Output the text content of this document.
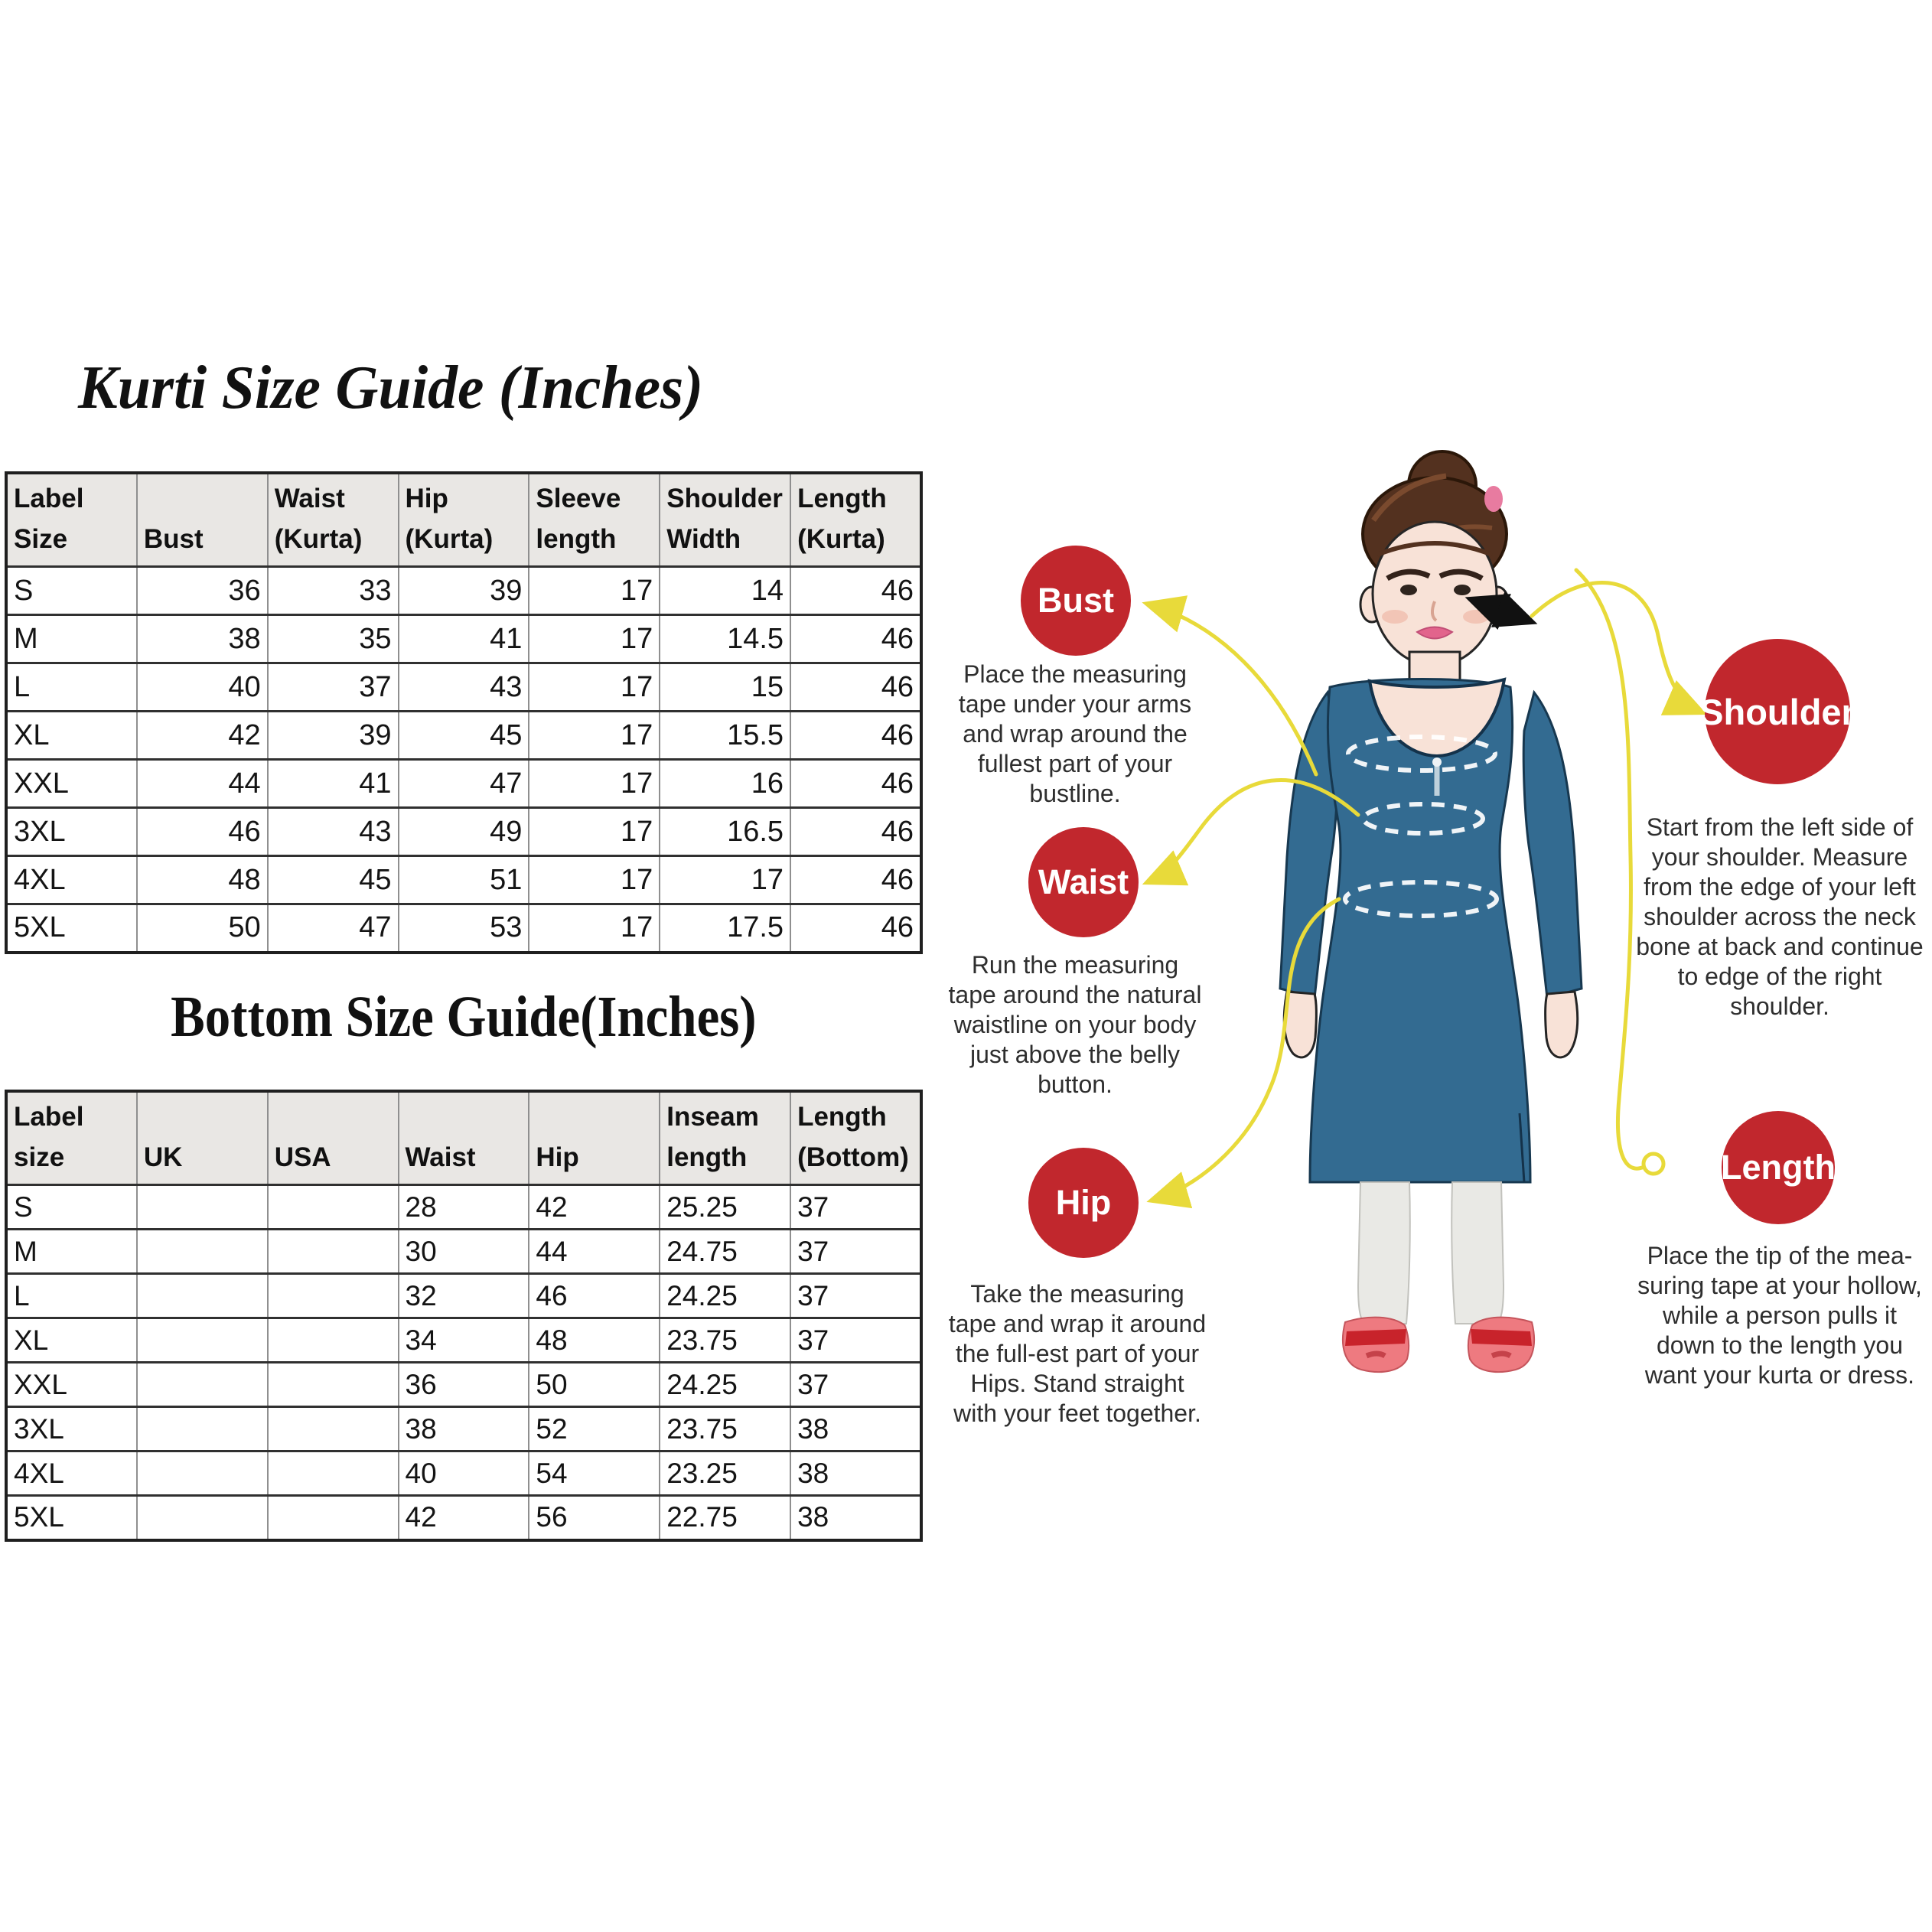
Kurti Size Guide (Inches)
Bottom Size Guide(Inches)
Label Size	Bust	Waist (Kurta)	Hip (Kurta)	Sleeve length	Shoulder Width	Length (Kurta)
S	36	33	39	17	14	46
M	38	35	41	17	14.5	46
L	40	37	43	17	15	46
XL	42	39	45	17	15.5	46
XXL	44	41	47	17	16	46
3XL	46	43	49	17	16.5	46
4XL	48	45	51	17	17	46
5XL	50	47	53	17	17.5	46
Label size	UK	USA	Waist	Hip	Inseam length	Length (Bottom)
S			28	42	25.25	37
M			30	44	24.75	37
L			32	46	24.25	37
XL			34	48	23.75	37
XXL			36	50	24.25	37
3XL			38	52	23.75	38
4XL			40	54	23.25	38
5XL			42	56	22.75	38
Bust
Waist
Hip
Shoulder
Length
Place the measuring tape under your arms and wrap around the fullest part of your bustline.
Run the measuring tape around the natural waistline on your body just above the belly button.
Take the measuring tape and wrap it around the full-est part of your Hips. Stand straight with your feet together.
Start from the left side of your shoulder. Measure from the edge of your left shoulder across the neck bone at back and continue to edge of the right shoulder.
Place the tip of the mea-suring tape at your hollow, while a person pulls it down to the length you want your kurta or dress.
